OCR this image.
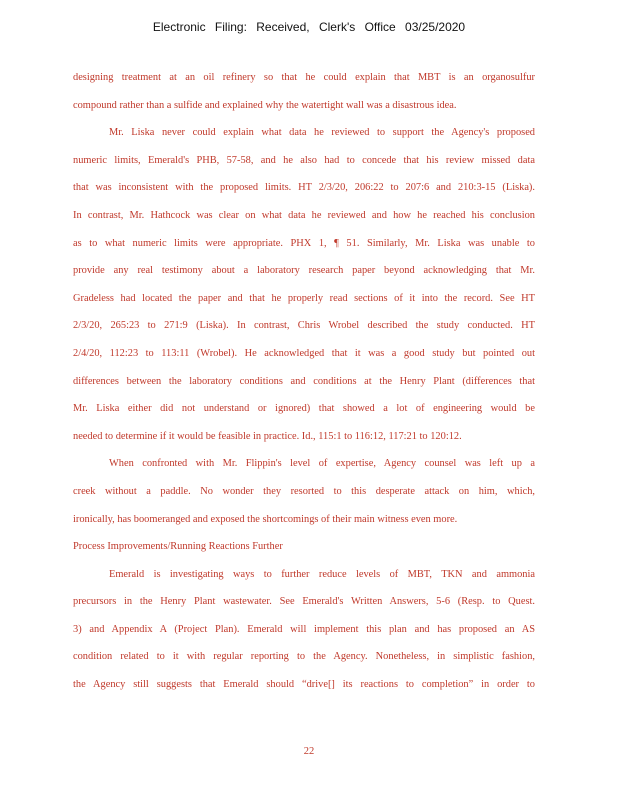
Electronic Filing: Received, Clerk's Office 03/25/2020
designing treatment at an oil refinery so that he could explain that MBT is an organosulfur
compound rather than a sulfide and explained why the watertight wall was a disastrous idea.
Mr. Liska never could explain what data he reviewed to support the Agency's proposed
numeric limits, Emerald's PHB, 57-58, and he also had to concede that his review missed data
that was inconsistent with the proposed limits. HT 2/3/20, 206:22 to 207:6 and 210:3-15 (Liska).
In contrast, Mr. Hathcock was clear on what data he reviewed and how he reached his conclusion
as to what numeric limits were appropriate. PHX 1, ¶ 51. Similarly, Mr. Liska was unable to
provide any real testimony about a laboratory research paper beyond acknowledging that Mr.
Gradeless had located the paper and that he properly read sections of it into the record. See HT
2/3/20, 265:23 to 271:9 (Liska). In contrast, Chris Wrobel described the study conducted. HT
2/4/20, 112:23 to 113:11 (Wrobel). He acknowledged that it was a good study but pointed out
differences between the laboratory conditions and conditions at the Henry Plant (differences that
Mr. Liska either did not understand or ignored) that showed a lot of engineering would be
needed to determine if it would be feasible in practice. Id., 115:1 to 116:12, 117:21 to 120:12.
When confronted with Mr. Flippin's level of expertise, Agency counsel was left up a
creek without a paddle. No wonder they resorted to this desperate attack on him, which,
ironically, has boomeranged and exposed the shortcomings of their main witness even more.
Process Improvements/Running Reactions Further
Emerald is investigating ways to further reduce levels of MBT, TKN and ammonia
precursors in the Henry Plant wastewater. See Emerald's Written Answers, 5-6 (Resp. to Quest.
3) and Appendix A (Project Plan). Emerald will implement this plan and has proposed an AS
condition related to it with regular reporting to the Agency. Nonetheless, in simplistic fashion,
the Agency still suggests that Emerald should “drive[] its reactions to completion” in order to
22
